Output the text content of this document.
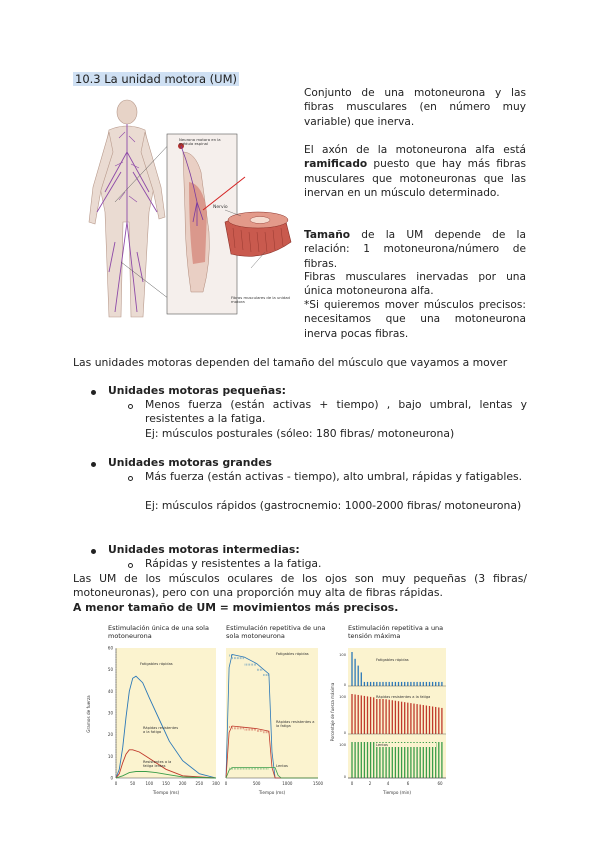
10.3 La unidad motora (UM)
Nervio
Neurona motora en la médula espinal
Fibras musculares de la unidad motora

Conjunto de una motoneurona y las fibras musculares (en número muy variable) que inerva.

El axón de la motoneurona alfa está ramificado puesto que hay más fibras musculares que motoneuronas que las inervan en un músculo determinado.

Tamaño de la UM depende de la relación: 1 motoneurona/número de fibras.

Fibras musculares inervadas por una única motoneurona alfa.

*Si quieremos mover músculos precisos: necesitamos que una motoneurona inerva pocas fibras.

Las unidades motoras dependen del tamaño del músculo que vayamos a mover

Unidades motoras pequeñas:

Menos fuerza (están activas + tiempo) , bajo umbral, lentas y resistentes a la fatiga.

Ej: músculos posturales (sóleo: 180 fibras/ motoneurona)

Unidades motoras grandes

Más fuerza (están activas - tiempo), alto umbral, rápidas y fatigables.

Ej: músculos rápidos (gastrocnemio: 1000-2000 fibras/ motoneurona)

Unidades motoras intermedias:

Rápidas y resistentes a la fatiga.

Las UM de los músculos oculares de los ojos son muy pequeñas (3 fibras/ motoneuronas), pero con una proporción muy alta de fibras rápidas.

A menor tamaño de UM = movimientos más precisos.

Estimulación única de una sola motoneurona
0	50	100 150 200 250 300
0
10
20
30
40
50
60
Fatigables rápidas
Rápidas resistentes a la fatiga
Resistentes a la fatiga lentas
Gramos de fuerza
Tiempo (ms)
Estimulación repetitiva de una sola motoneurona
0	500	1000	1500
Fatigables rápidas
Rápidas resistentes a la fatiga
Lentas
Tiempo (ms)
Estimulación repetitiva a una tensión máxima
0	2	4	6	60
0
100
0
100
0
100
Fatigables rápidas
Rápidas resistentes a la fatiga
Lentas
Porcentaje de fuerza máxima
Tiempo (min)
